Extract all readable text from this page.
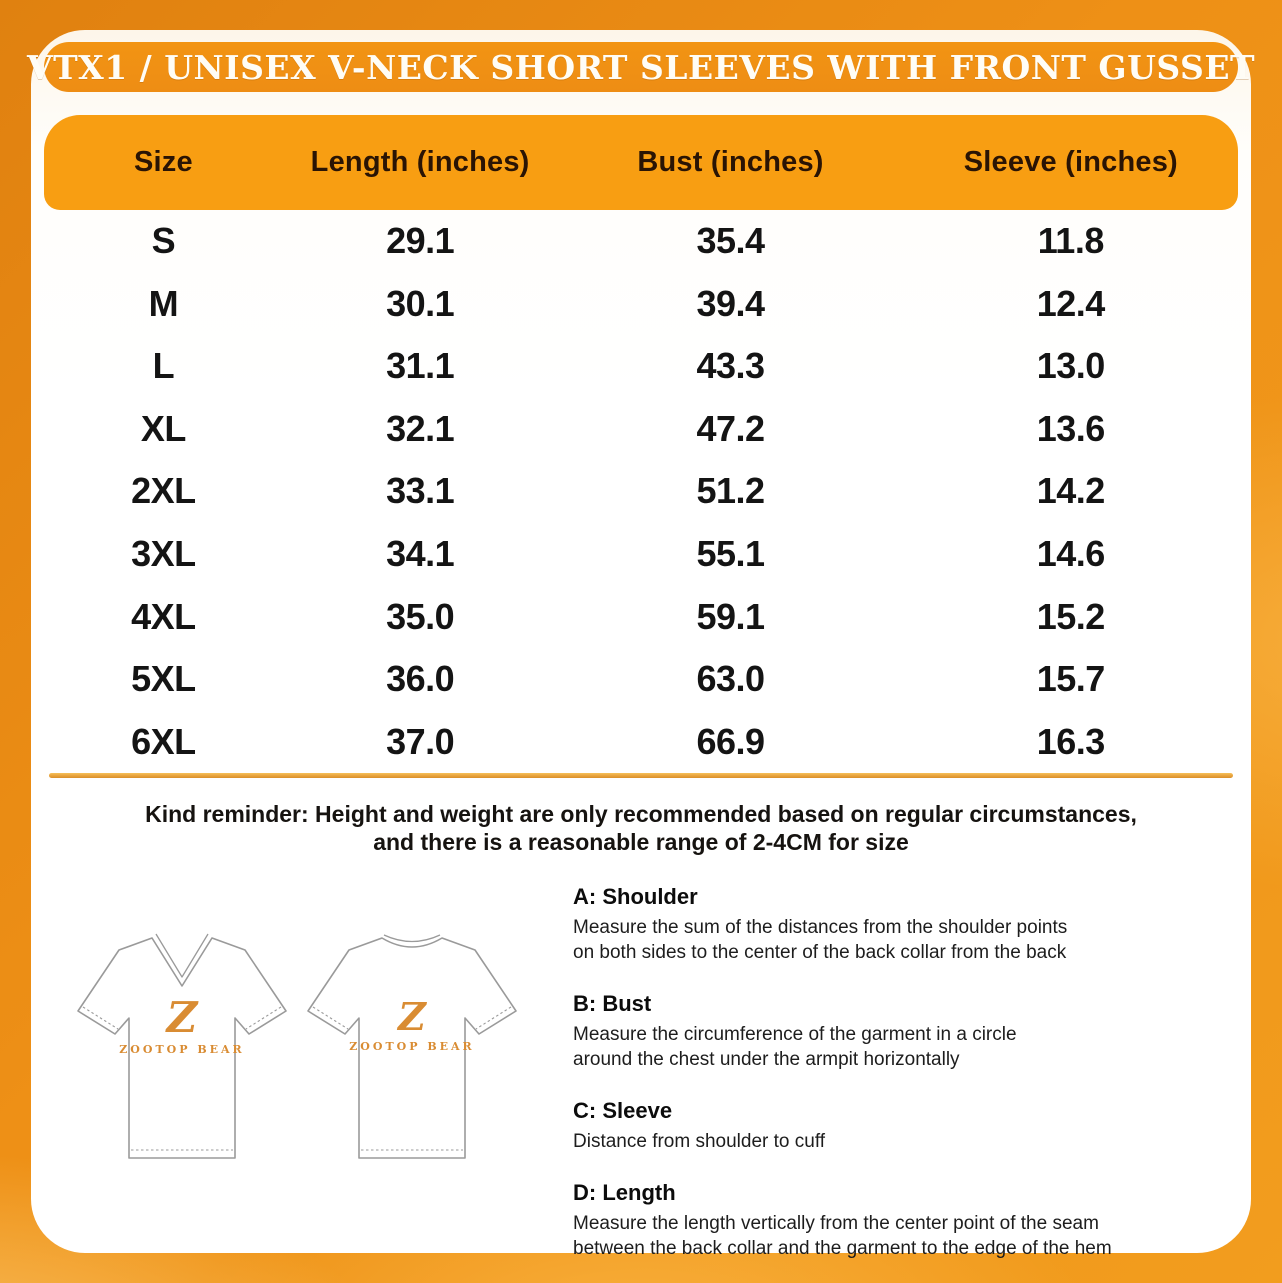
VTX1 / UNISEX V-NECK SHORT SLEEVES WITH FRONT GUSSET
Size	Length (inches)	Bust (inches)	Sleeve (inches)
S	29.1	35.4	11.8
M	30.1	39.4	12.4
L	31.1	43.3	13.0
XL	32.1	47.2	13.6
2XL	33.1	51.2	14.2
3XL	34.1	55.1	14.6
4XL	35.0	59.1	15.2
5XL	36.0	63.0	15.7
6XL	37.0	66.9	16.3
Kind reminder: Height and weight are only recommended based on regular circumstances,
and there is a reasonable range of 2-4CM for size
Z
ZOOTOP BEAR
Z
ZOOTOP BEAR
A: Shoulder
Measure the sum of the distances from the shoulder points
on both sides to the center of the back collar from the back
B: Bust
Measure the circumference of the garment in a circle
around the chest under the armpit horizontally
C: Sleeve
Distance from shoulder to cuff
D: Length
Measure the length vertically from the center point of the seam
between the back collar and the garment to the edge of the hem
